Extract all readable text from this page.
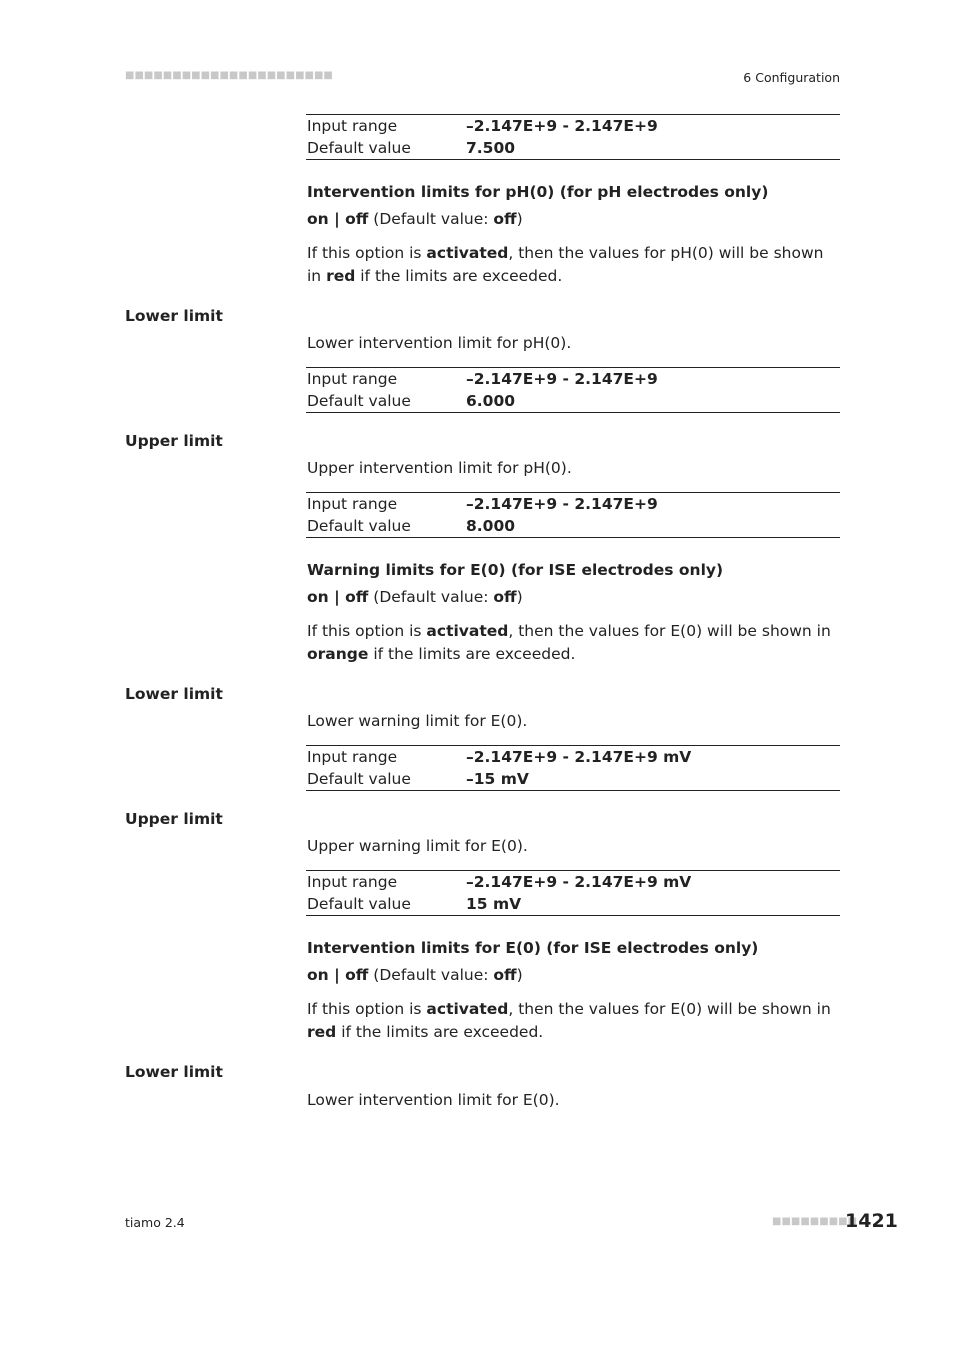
■■■■■■■■■■■■■■■■■■■■■■	6 Configuration
Input range	–2.147E+9 - 2.147E+9
Default value	7.500
Intervention limits for pH(0) (for pH electrodes only)
on | off (Default value: off)

If this option is activated, then the values for pH(0) will be shown in red if the limits are exceeded.

Lower limit
Lower intervention limit for pH(0).
Input range	–2.147E+9 - 2.147E+9
Default value	6.000
Upper limit
Upper intervention limit for pH(0).
Input range	–2.147E+9 - 2.147E+9
Default value	8.000
Warning limits for E(0) (for ISE electrodes only)
on | off (Default value: off)

If this option is activated, then the values for E(0) will be shown in orange if the limits are exceeded.

Lower limit
Lower warning limit for E(0).
Input range	–2.147E+9 - 2.147E+9 mV
Default value	–15 mV
Upper limit
Upper warning limit for E(0).
Input range	–2.147E+9 - 2.147E+9 mV
Default value	15 mV
Intervention limits for E(0) (for ISE electrodes only)
on | off (Default value: off)

If this option is activated, then the values for E(0) will be shown in red if the limits are exceeded.

Lower limit
Lower intervention limit for E(0).
tiamo 2.4	■■■■■■■■■
1421
